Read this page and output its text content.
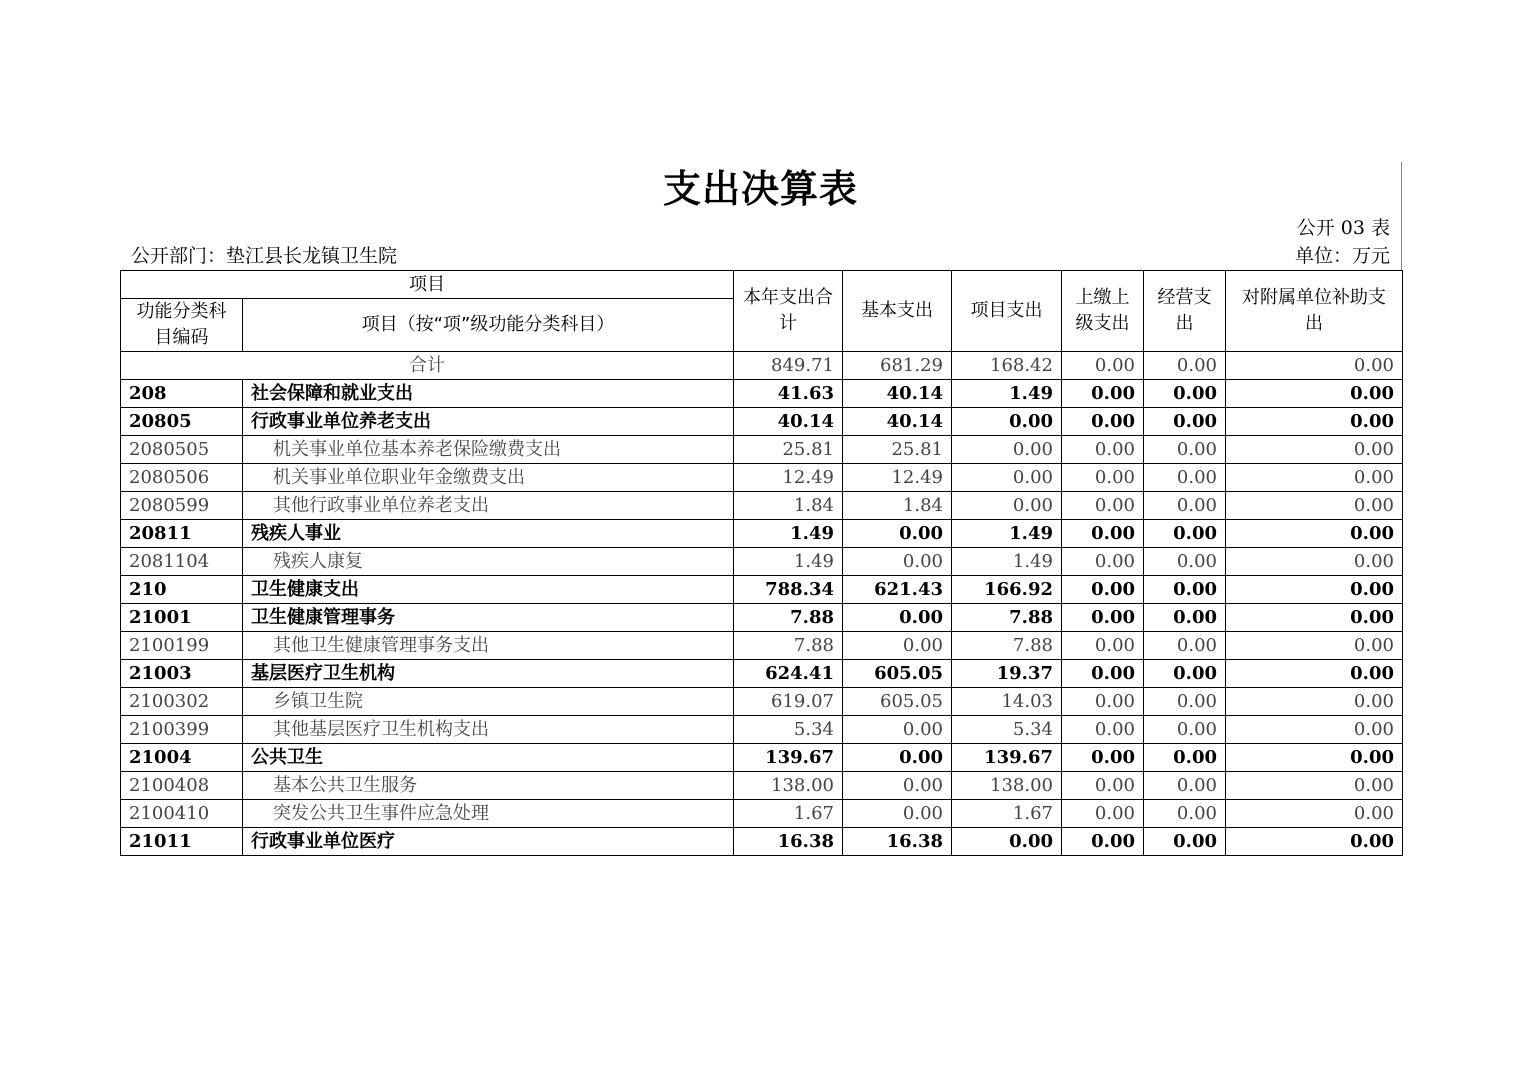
支出决算表
公开 03 表
公开部门：垫江县长龙镇卫生院	单位：万元
项目		本年支出合计	基本支出	项目支出	上缴上级支出	经营支出	对附属单位补助支出
功能分类科目编码	项目（按“项”级功能分类科目）						
合计		849.71	681.29	168.42	0.00	0.00	0.00
208	社会保障和就业支出	41.63	40.14	1.49	0.00	0.00	0.00
20805	行政事业单位养老支出	40.14	40.14	0.00	0.00	0.00	0.00
2080505	机关事业单位基本养老保险缴费支出	25.81	25.81	0.00	0.00	0.00	0.00
2080506	机关事业单位职业年金缴费支出	12.49	12.49	0.00	0.00	0.00	0.00
2080599	其他行政事业单位养老支出	1.84	1.84	0.00	0.00	0.00	0.00
20811	残疾人事业	1.49	0.00	1.49	0.00	0.00	0.00
2081104	残疾人康复	1.49	0.00	1.49	0.00	0.00	0.00
210	卫生健康支出	788.34	621.43	166.92	0.00	0.00	0.00
21001	卫生健康管理事务	7.88	0.00	7.88	0.00	0.00	0.00
2100199	其他卫生健康管理事务支出	7.88	0.00	7.88	0.00	0.00	0.00
21003	基层医疗卫生机构	624.41	605.05	19.37	0.00	0.00	0.00
2100302	乡镇卫生院	619.07	605.05	14.03	0.00	0.00	0.00
2100399	其他基层医疗卫生机构支出	5.34	0.00	5.34	0.00	0.00	0.00
21004	公共卫生	139.67	0.00	139.67	0.00	0.00	0.00
2100408	基本公共卫生服务	138.00	0.00	138.00	0.00	0.00	0.00
2100410	突发公共卫生事件应急处理	1.67	0.00	1.67	0.00	0.00	0.00
21011	行政事业单位医疗	16.38	16.38	0.00	0.00	0.00	0.00
